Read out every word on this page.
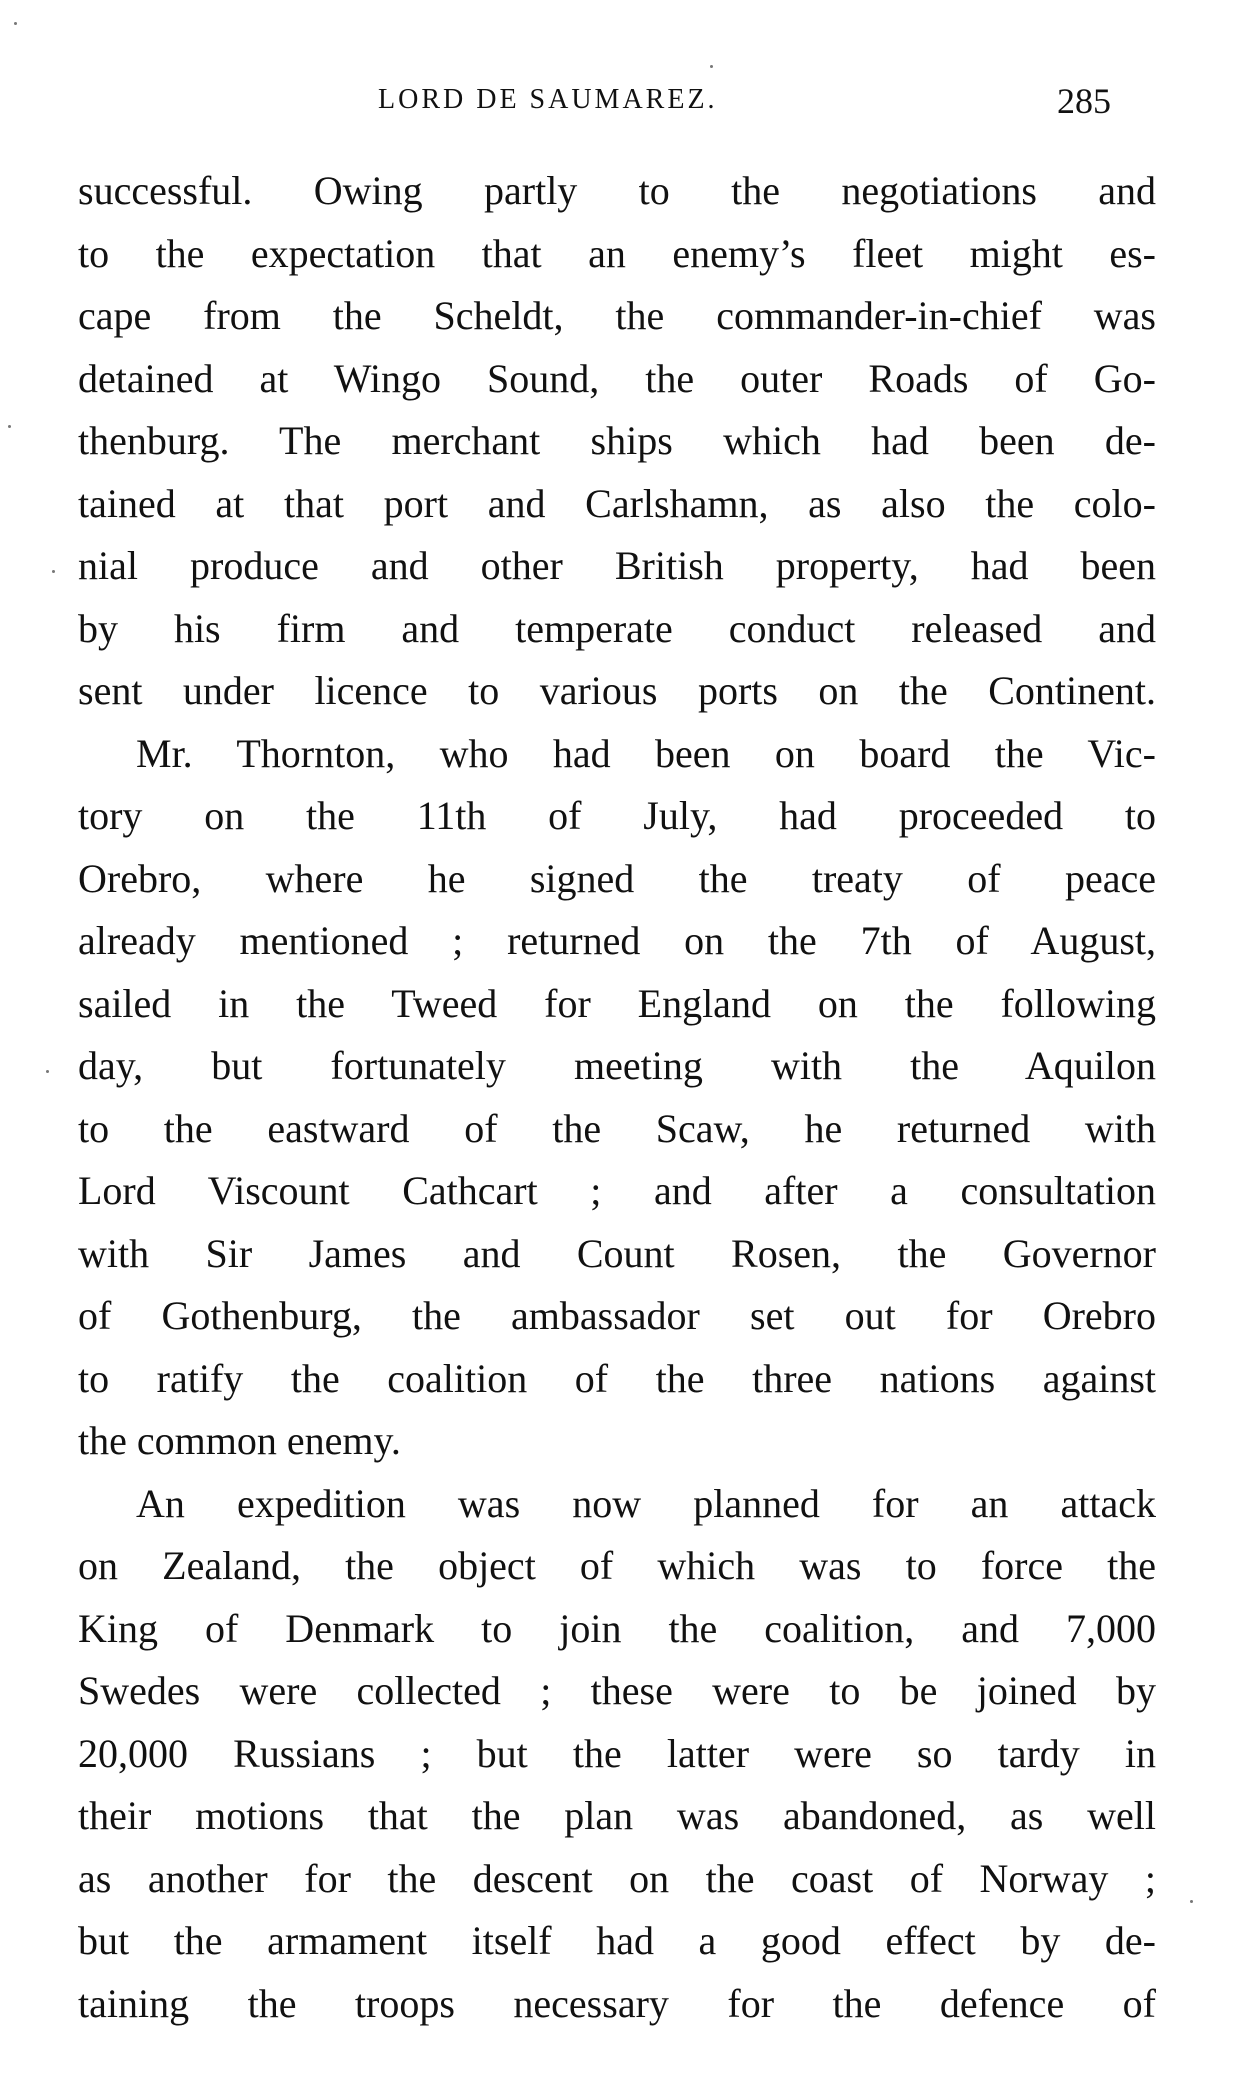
LORD DE SAUMAREZ.	285
successful. Owing partly to the negotiations and
to the expectation that an enemy’s fleet might es-
cape from the Scheldt, the commander-in-chief was
detained at Wingo Sound, the outer Roads of Go-
thenburg. The merchant ships which had been de-
tained at that port and Carlshamn, as also the colo-
nial produce and other British property, had been
by his firm and temperate conduct released and
sent under licence to various ports on the Continent.
Mr. Thornton, who had been on board the Vic-
tory on the 11th of July, had proceeded to
Orebro, where he signed the treaty of peace
already mentioned ; returned on the 7th of August,
sailed in the Tweed for England on the following
day, but fortunately meeting with the Aquilon
to the eastward of the Scaw, he returned with
Lord Viscount Cathcart ; and after a consultation
with Sir James and Count Rosen, the Governor
of Gothenburg, the ambassador set out for Orebro
to ratify the coalition of the three nations against
the common enemy.
An expedition was now planned for an attack
on Zealand, the object of which was to force the
King of Denmark to join the coalition, and 7,000
Swedes were collected ; these were to be joined by
20,000 Russians ; but the latter were so tardy in
their motions that the plan was abandoned, as well
as another for the descent on the coast of Norway ;
but the armament itself had a good effect by de-
taining the troops necessary for the defence of
